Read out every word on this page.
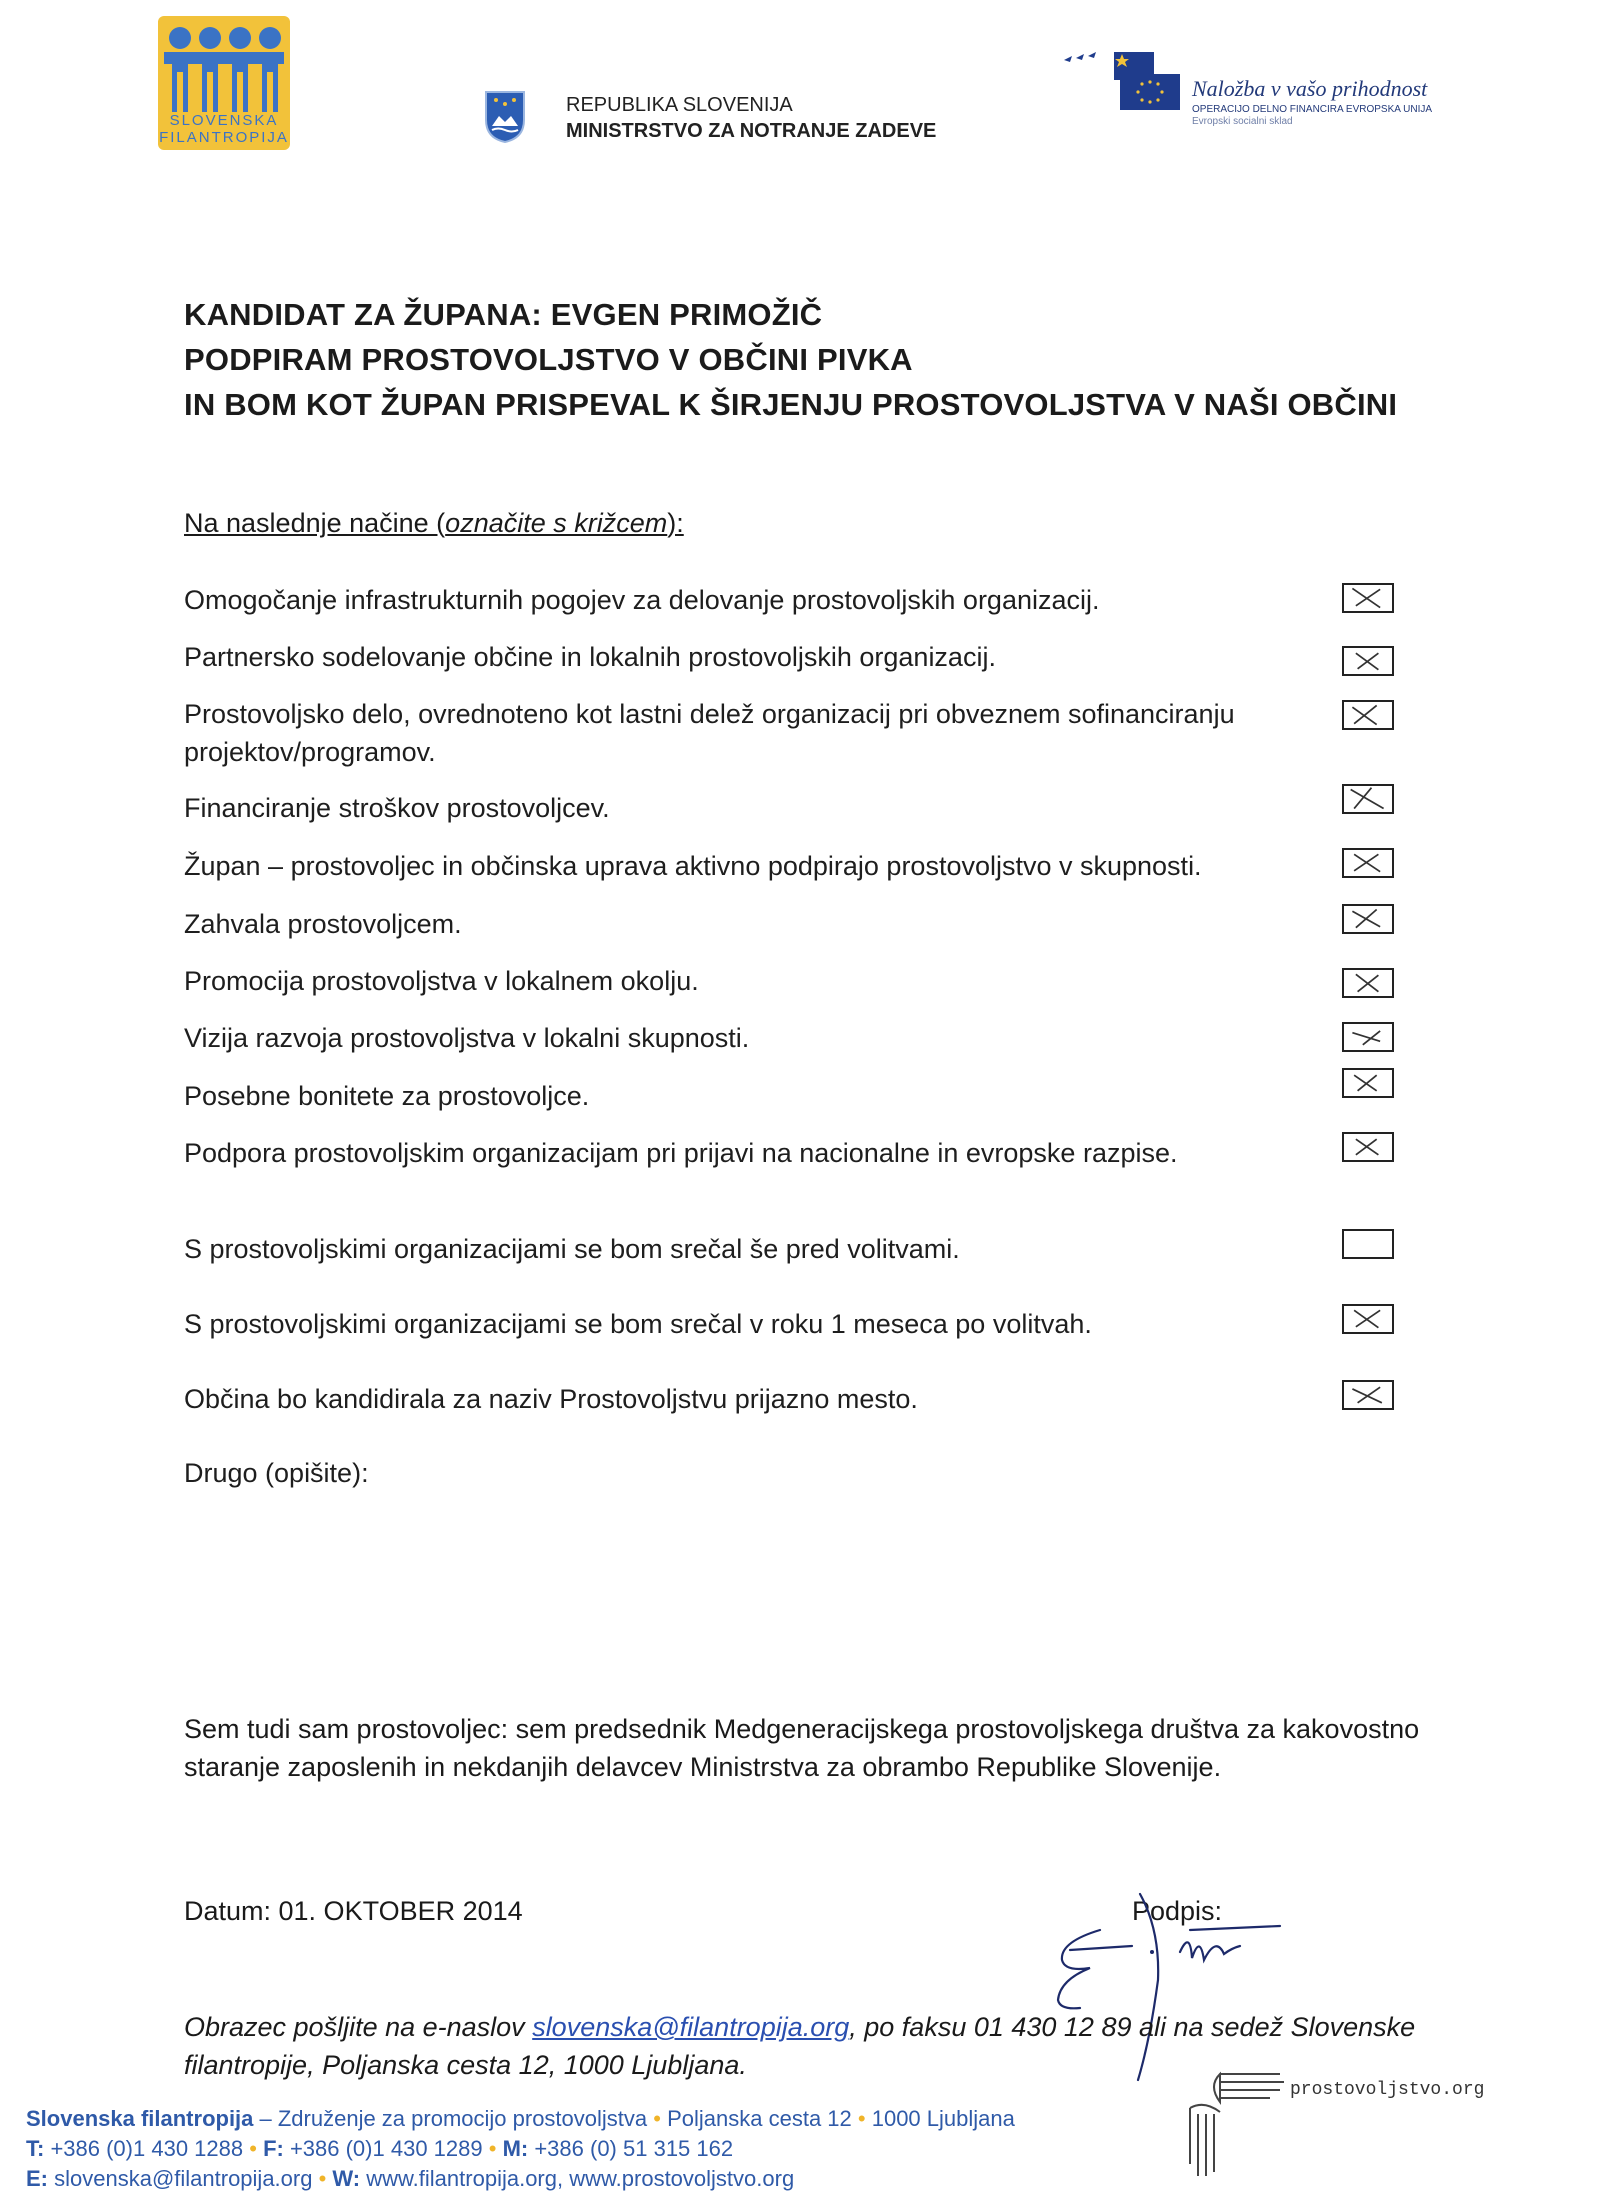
SLOVENSKA
FILANTROPIJA
REPUBLIKA SLOVENIJA
MINISTRSTVO ZA NOTRANJE ZADEVE
Naložba v vašo prihodnost
OPERACIJO DELNO FINANCIRA EVROPSKA UNIJA
Evropski socialni sklad
KANDIDAT ZA ŽUPANA: EVGEN PRIMOŽIČ
PODPIRAM PROSTOVOLJSTVO V OBČINI PIVKA
IN BOM KOT ŽUPAN PRISPEVAL K ŠIRJENJU PROSTOVOLJSTVA V NAŠI OBČINI
Na naslednje načine (označite s križcem):
Omogočanje infrastrukturnih pogojev za delovanje prostovoljskih organizacij.
Partnersko sodelovanje občine in lokalnih prostovoljskih organizacij.
Prostovoljsko delo, ovrednoteno kot lastni delež organizacij pri obveznem sofinanciranju projektov/programov.
Financiranje stroškov prostovoljcev.
Župan – prostovoljec in občinska uprava aktivno podpirajo prostovoljstvo v skupnosti.
Zahvala prostovoljcem.
Promocija prostovoljstva v lokalnem okolju.
Vizija razvoja prostovoljstva v lokalni skupnosti.
Posebne bonitete za prostovoljce.
Podpora prostovoljskim organizacijam pri prijavi na nacionalne in evropske razpise.
S prostovoljskimi organizacijami se bom srečal še pred volitvami.
S prostovoljskimi organizacijami se bom srečal v roku 1 meseca po volitvah.
Občina bo kandidirala za naziv Prostovoljstvu prijazno mesto.
Drugo (opišite):
Sem tudi sam prostovoljec: sem predsednik Medgeneracijskega prostovoljskega društva za kakovostno staranje zaposlenih in nekdanjih delavcev Ministrstva za obrambo Republike Slovenije.
Datum: 01. OKTOBER 2014	Podpis:
Obrazec pošljite na e-naslov slovenska@filantropija.org, po faksu 01 430 12 89 ali na sedež Slovenske filantropije, Poljanska cesta 12, 1000 Ljubljana.
Slovenska filantropija – Združenje za promocijo prostovoljstva • Poljanska cesta 12 • 1000 Ljubljana
T: +386 (0)1 430 1288 • F: +386 (0)1 430 1289 • M: +386 (0) 51 315 162
E: slovenska@filantropija.org • W: www.filantropija.org, www.prostovoljstvo.org
prostovoljstvo.org
